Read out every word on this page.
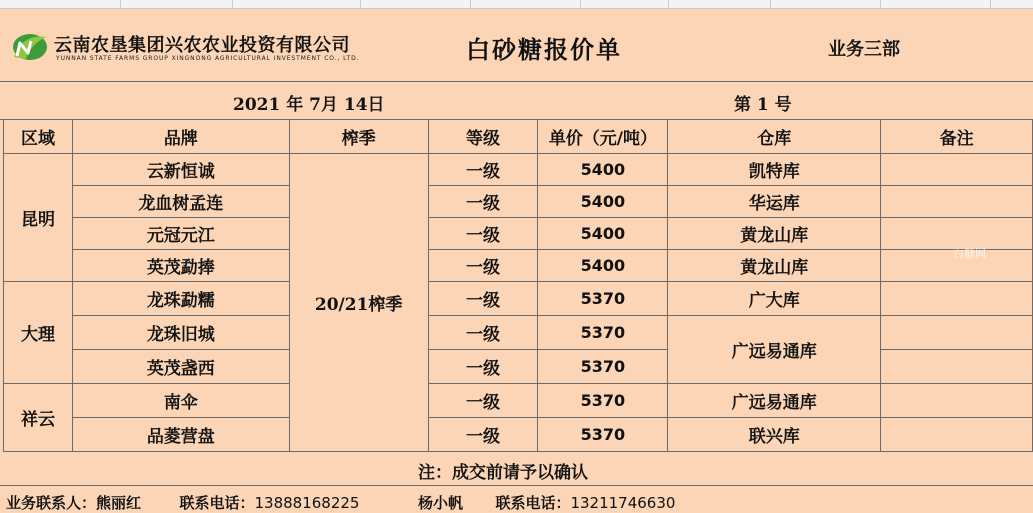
云南农垦集团兴农农业投资有限公司
YUNNAN STATE FARMS GROUP XINGNONG AGRICULTURAL INVESTMENT CO., LTD.	白砂糖报价单	业务三部
2021 年 7月 14日	第 1 号
区域	品牌	榨季	等级	单价（元/吨）	仓库	备注
昆明	云新恒诚	20/21榨季	一级	5400	凯特库	
	龙血树孟连		一级	5400	华运库	
	元冠元江		一级	5400	黄龙山库	
	英茂勐捧		一级	5400	黄龙山库	
大理	龙珠勐糯		一级	5370	广大库	
	龙珠旧城		一级	5370	广远易通库	
	英茂盏西		一级	5370		
祥云	南伞		一级	5370	广远易通库	
	品菱营盘		一级	5370	联兴库	
注：成交前请予以确认
业务联系人：熊丽红	联系电话：13888168225	杨小帆 联系电话：13211746630
白糖网
